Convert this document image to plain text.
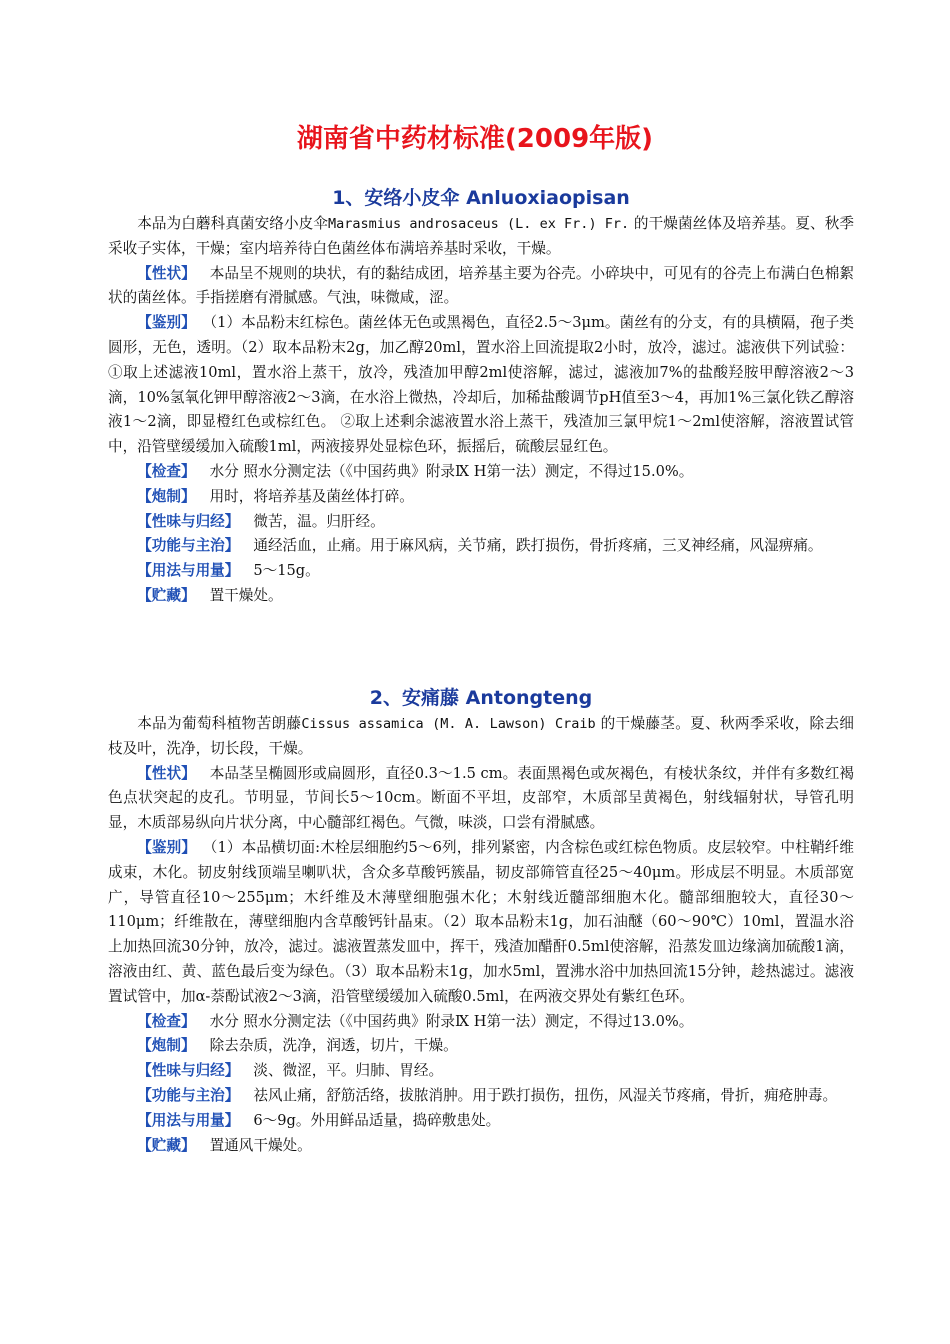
湖南省中药材标准(2009年版)
1、安络小皮伞 Anluoxiaopisan

本品为白蘑科真菌安络小皮伞Marasmius androsaceus (L. ex Fr.) Fr. 的干燥菌丝体及培养基。夏、秋季采收子实体，干燥；室内培养待白色菌丝体布满培养基时采收，干燥。

【性状】 本品呈不规则的块状，有的黏结成团，培养基主要为谷壳。小碎块中，可见有的谷壳上布满白色棉絮状的菌丝体。手指搓磨有滑腻感。气浊，味微咸，涩。

【鉴别】 （1）本品粉末红棕色。菌丝体无色或黑褐色，直径2.5～3μm。菌丝有的分支，有的具横隔，孢子类圆形，无色，透明。（2）取本品粉末2g，加乙醇20ml，置水浴上回流提取2小时，放冷，滤过。滤液供下列试验：①取上述滤液10ml，置水浴上蒸干，放冷，残渣加甲醇2ml使溶解，滤过，滤液加7%的盐酸羟胺甲醇溶液2～3滴，10%氢氧化钾甲醇溶液2～3滴，在水浴上微热，冷却后，加稀盐酸调节pH值至3～4，再加1%三氯化铁乙醇溶液1～2滴，即显橙红色或棕红色。 ②取上述剩余滤液置水浴上蒸干，残渣加三氯甲烷1～2ml使溶解，溶液置试管中，沿管壁缓缓加入硫酸1ml，两液接界处显棕色环，振摇后，硫酸层显红色。

【检查】 水分 照水分测定法（《中国药典》附录Ⅸ H第一法）测定，不得过15.0%。

【炮制】 用时，将培养基及菌丝体打碎。

【性味与归经】 微苦，温。归肝经。

【功能与主治】 通经活血，止痛。用于麻风病，关节痛，跌打损伤，骨折疼痛，三叉神经痛，风湿痹痛。

【用法与用量】 5～15g。

【贮藏】 置干燥处。

2、安痛藤 Antongteng

本品为葡萄科植物苦朗藤Cissus assamica (M. A. Lawson) Craib 的干燥藤茎。夏、秋两季采收，除去细枝及叶，洗净，切长段，干燥。

【性状】 本品茎呈椭圆形或扁圆形，直径0.3～1.5 cm。表面黑褐色或灰褐色，有棱状条纹，并伴有多数红褐色点状突起的皮孔。节明显，节间长5～10cm。断面不平坦，皮部窄，木质部呈黄褐色，射线辐射状，导管孔明显，木质部易纵向片状分离，中心髓部红褐色。气微，味淡，口尝有滑腻感。

【鉴别】 （1）本品横切面:木栓层细胞约5～6列，排列紧密，内含棕色或红棕色物质。皮层较窄。中柱鞘纤维成束，木化。韧皮射线顶端呈喇叭状，含众多草酸钙簇晶，韧皮部筛管直径25～40μm。形成层不明显。木质部宽广，导管直径10～255μm；木纤维及木薄壁细胞强木化；木射线近髓部细胞木化。髓部细胞较大，直径30～110μm；纤维散在，薄壁细胞内含草酸钙针晶束。（2）取本品粉末1g，加石油醚（60～90℃）10ml，置温水浴上加热回流30分钟，放冷，滤过。滤液置蒸发皿中，挥干，残渣加醋酐0.5ml使溶解，沿蒸发皿边缘滴加硫酸1滴，溶液由红、黄、蓝色最后变为绿色。（3）取本品粉末1g，加水5ml，置沸水浴中加热回流15分钟，趁热滤过。滤液置试管中，加α-萘酚试液2～3滴，沿管壁缓缓加入硫酸0.5ml，在两液交界处有紫红色环。

【检查】 水分 照水分测定法（《中国药典》附录Ⅸ H第一法）测定，不得过13.0%。

【炮制】 除去杂质，洗净，润透，切片，干燥。

【性味与归经】 淡、微涩，平。归肺、胃经。

【功能与主治】 祛风止痛，舒筋活络，拔脓消肿。用于跌打损伤，扭伤，风湿关节疼痛，骨折，痈疮肿毒。

【用法与用量】 6～9g。外用鲜品适量，捣碎敷患处。

【贮藏】 置通风干燥处。
